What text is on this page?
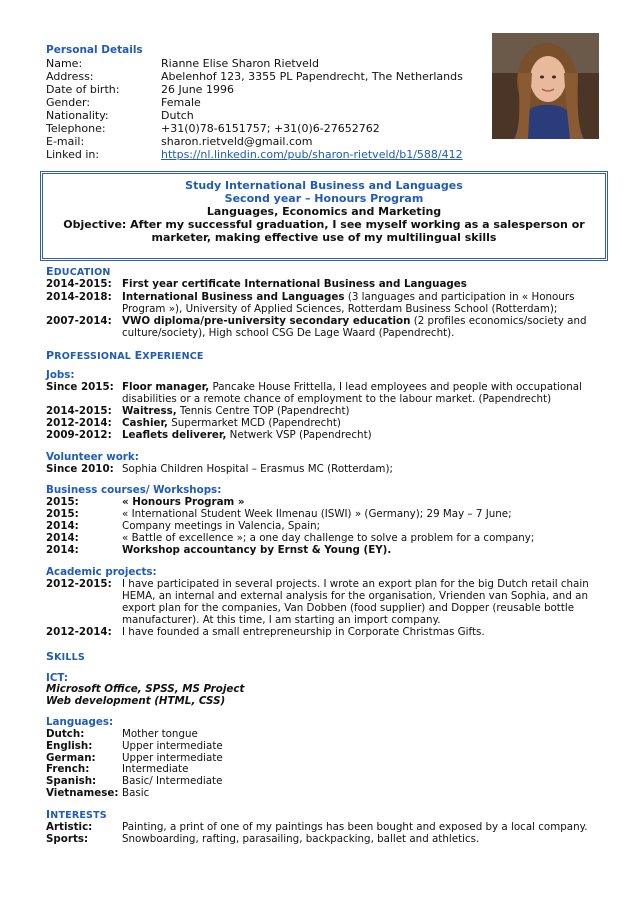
Personal Details
Name:	Rianne Elise Sharon Rietveld
Address:	Abelenhof 123, 3355 PL Papendrecht, The Netherlands
Date of birth:	26 June 1996
Gender:	Female
Nationality:	Dutch
Telephone:	+31(0)78-6151757; +31(0)6-27652762
E-mail:	sharon.rietveld@gmail.com
Linked in:	https://nl.linkedin.com/pub/sharon-rietveld/b1/588/412
Study International Business and Languages
Second year – Honours Program
Languages, Economics and Marketing
Objective: After my successful graduation, I see myself working as a salesperson or
marketer, making effective use of my multilingual skills
EDUCATION
2014-2015: First year certificate International Business and Languages
2014-2018: International Business and Languages (3 languages and participation in « Honours Program »), University of Applied Sciences, Rotterdam Business School (Rotterdam);
2007-2014: VWO diploma/pre-university secondary education (2 profiles economics/society and culture/society), High school CSG De Lage Waard (Papendrecht).
PROFESSIONAL EXPERIENCE
Jobs:
Since 2015: Floor manager, Pancake House Frittella, I lead employees and people with occupational disabilities or a remote chance of employment to the labour market. (Papendrecht)
2014-2015: Waitress, Tennis Centre TOP (Papendrecht)
2012-2014: Cashier, Supermarket MCD (Papendrecht)
2009-2012: Leaflets deliverer, Netwerk VSP (Papendrecht)
Volunteer work:
Since 2010: Sophia Children Hospital – Erasmus MC (Rotterdam);
Business courses/ Workshops:
2015:	« Honours Program »
2015:	« International Student Week Ilmenau (ISWI) » (Germany); 29 May – 7 June;
2014:	Company meetings in Valencia, Spain;
2014:	« Battle of excellence »; a one day challenge to solve a problem for a company;
2014:	Workshop accountancy by Ernst & Young (EY).
Academic projects:
2012-2015: I have participated in several projects. I wrote an export plan for the big Dutch retail chain HEMA, an internal and external analysis for the organisation, Vrienden van Sophia, and an export plan for the companies, Van Dobben (food supplier) and Dopper (reusable bottle manufacturer). At this time, I am starting an import company.
2012-2014: I have founded a small entrepreneurship in Corporate Christmas Gifts.
SKILLS
ICT:
Microsoft Office, SPSS, MS Project
Web development (HTML, CSS)
Languages:
Dutch:	Mother tongue
English:	Upper intermediate
German:	Upper intermediate
French:	Intermediate
Spanish:	Basic/ Intermediate
Vietnamese: Basic
INTERESTS
Artistic:	Painting, a print of one of my paintings has been bought and exposed by a local company.
Sports:	Snowboarding, rafting, parasailing, backpacking, ballet and athletics.
